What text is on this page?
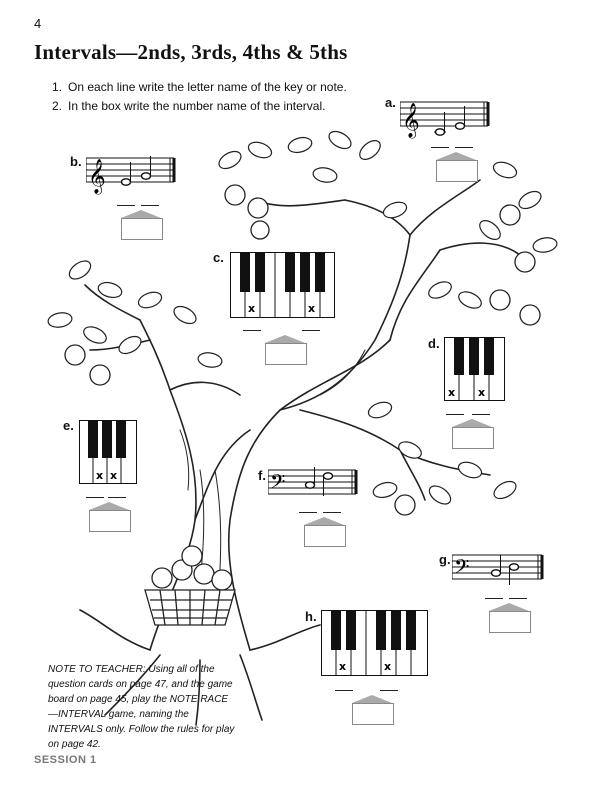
4
Intervals—2nds, 3rds, 4ths & 5ths
1. On each line write the letter name of the key or note.
2. In the box write the number name of the interval.	a.
𝄞
b. 𝄞
c.
x	x
d.
x x
e.
x x	f. 𝄢
g. 𝄢
h.
x	x
NOTE TO TEACHER: Using all of the question cards on page 47, and the game board on page 45, play the NOTE RACE—INTERVAL game, naming the INTERVALS only. Follow the rules for play on page 42.
SESSION 1
